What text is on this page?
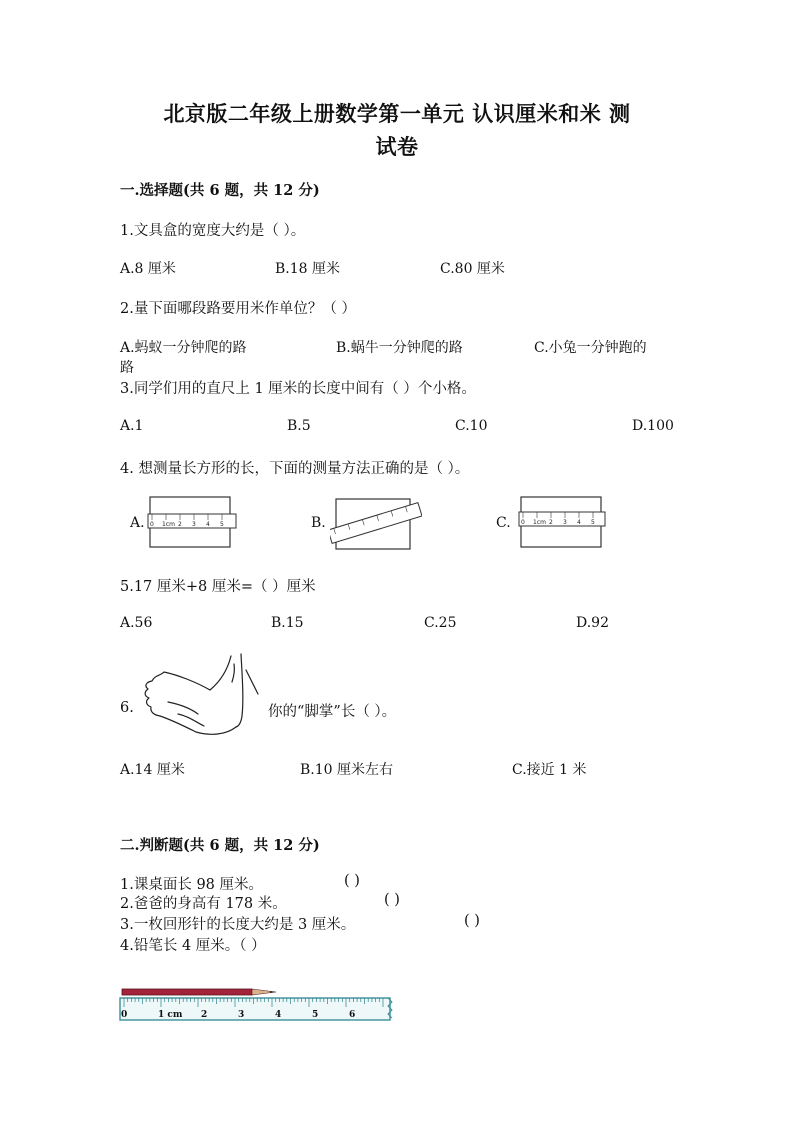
北京版二年级上册数学第一单元 认识厘米和米 测
试卷
一.选择题(共 6 题，共 12 分)
1.文具盒的宽度大约是（ ）。
A.8 厘米	B.18 厘米	C.80 厘米
2.量下面哪段路要用米作单位？（ ）
A.蚂蚁一分钟爬的路	B.蜗牛一分钟爬的路	C.小兔一分钟跑的
路
3.同学们用的直尺上 1 厘米的长度中间有（ ）个小格。
A.1	B.5	C.10	D.100
4. 想测量长方形的长，下面的测量方法正确的是（ ）。
A. 0 1cm 2 3 4 5	B.	C. 0 1cm 2 3 4 5
5.17 厘米+8 厘米=（ ）厘米
A.56	B.15	C.25	D.92
6.	你的“脚掌”长（ ）。
A.14 厘米	B.10 厘米左右	C.接近 1 米
二.判断题(共 6 题，共 12 分)
1.课桌面长 98 厘米。	( )
2.爸爸的身高有 178 米。	( )
3.一枚回形针的长度大约是 3 厘米。	( )
4.铅笔长 4 厘米。（ ）
0	1 cm 2	3	4	5	6
